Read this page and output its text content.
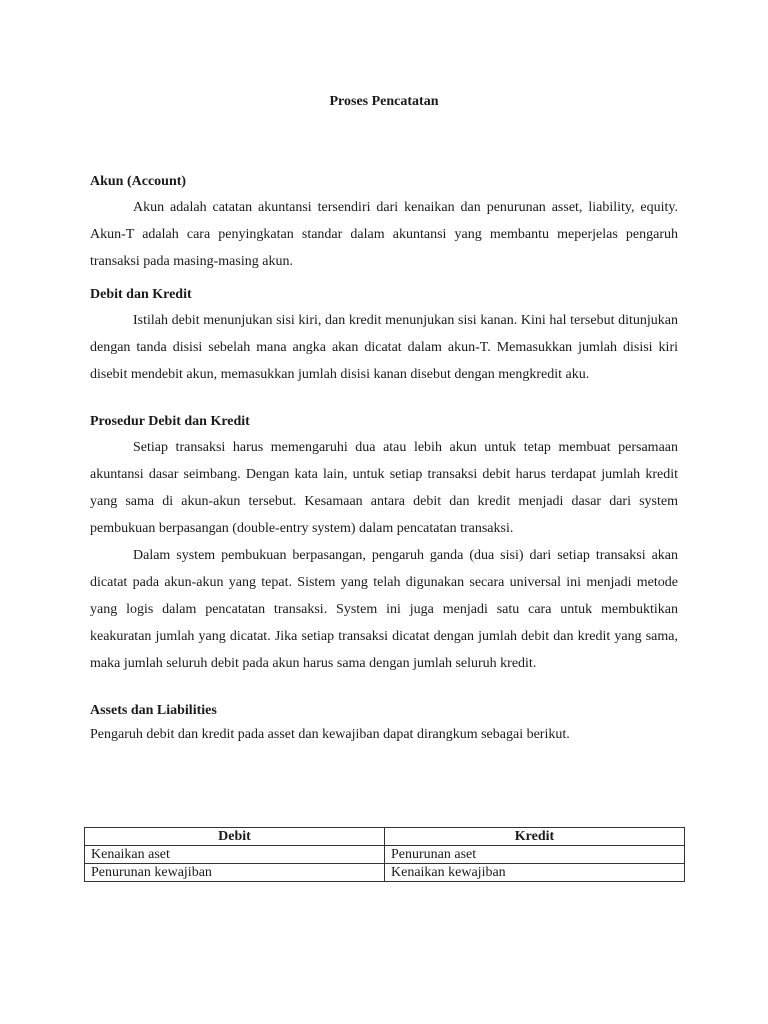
Proses Pencatatan
Akun (Account)

Akun adalah catatan akuntansi tersendiri dari kenaikan dan penurunan asset, liability, equity. Akun-T adalah cara penyingkatan standar dalam akuntansi yang membantu meperjelas pengaruh transaksi pada masing-masing akun.

Debit dan Kredit

Istilah debit menunjukan sisi kiri, dan kredit menunjukan sisi kanan. Kini hal tersebut ditunjukan dengan tanda disisi sebelah mana angka akan dicatat dalam akun-T. Memasukkan jumlah disisi kiri disebit mendebit akun, memasukkan jumlah disisi kanan disebut dengan mengkredit aku.

Prosedur Debit dan Kredit

Setiap transaksi harus memengaruhi dua atau lebih akun untuk tetap membuat persamaan akuntansi dasar seimbang. Dengan kata lain, untuk setiap transaksi debit harus terdapat jumlah kredit yang sama di akun-akun tersebut. Kesamaan antara debit dan kredit menjadi dasar dari system pembukuan berpasangan (double-entry system) dalam pencatatan transaksi.

Dalam system pembukuan berpasangan, pengaruh ganda (dua sisi) dari setiap transaksi akan dicatat pada akun-akun yang tepat. Sistem yang telah digunakan secara universal ini menjadi metode yang logis dalam pencatatan transaksi. System ini juga menjadi satu cara untuk membuktikan keakuratan jumlah yang dicatat. Jika setiap transaksi dicatat dengan jumlah debit dan kredit yang sama, maka jumlah seluruh debit pada akun harus sama dengan jumlah seluruh kredit.

Assets dan Liabilities

Pengaruh debit dan kredit pada asset dan kewajiban dapat dirangkum sebagai berikut.

Debit	Kredit
Kenaikan aset	Penurunan aset
Penurunan kewajiban	Kenaikan kewajiban
